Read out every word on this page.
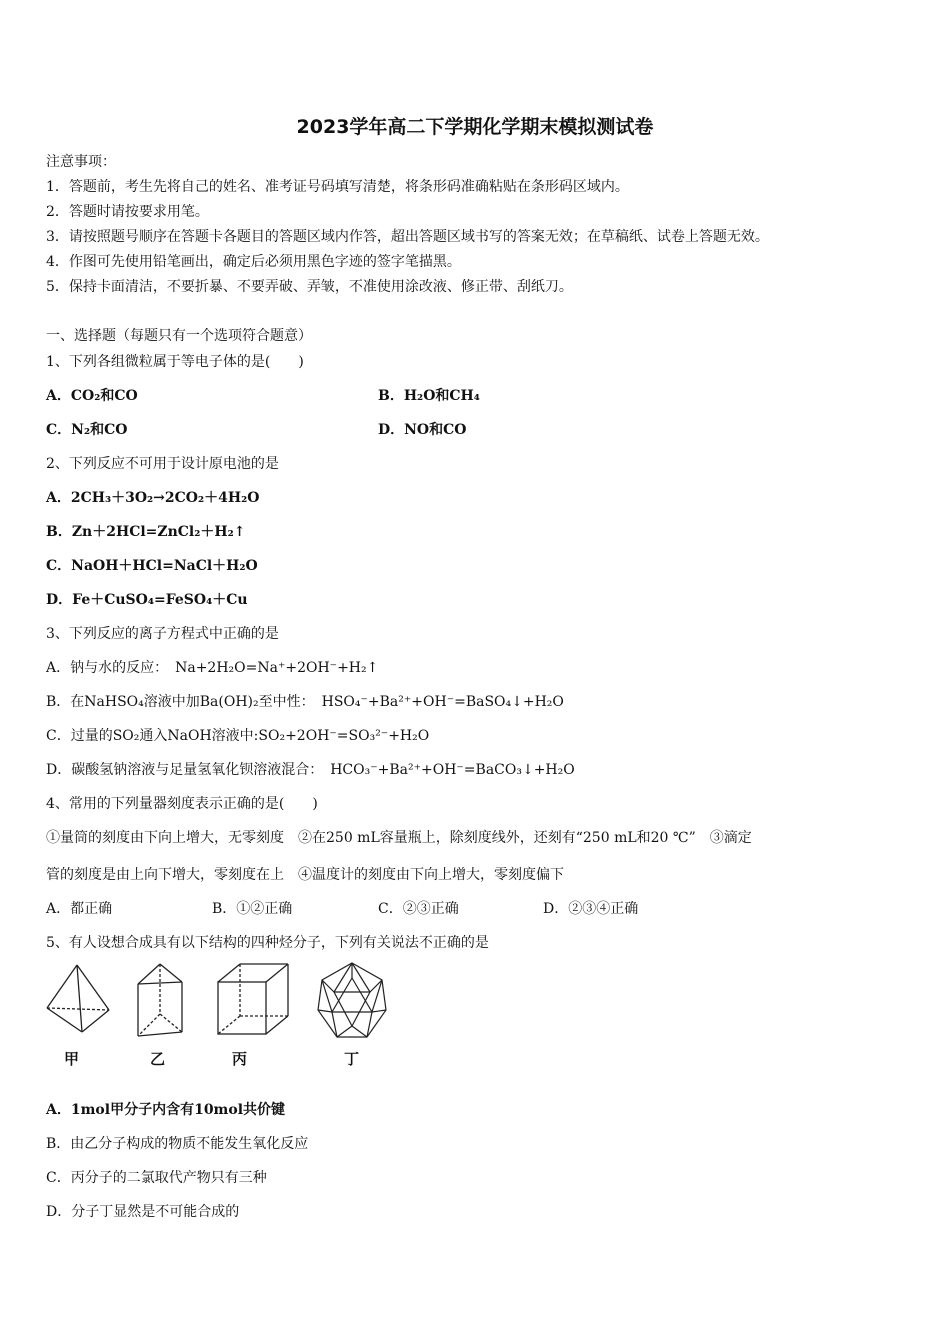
2023学年高二下学期化学期末模拟测试卷
注意事项：
1．答题前，考生先将自己的姓名、准考证号码填写清楚，将条形码准确粘贴在条形码区域内。
2．答题时请按要求用笔。
3．请按照题号顺序在答题卡各题目的答题区域内作答，超出答题区域书写的答案无效；在草稿纸、试卷上答题无效。
4．作图可先使用铅笔画出，确定后必须用黑色字迹的签字笔描黑。
5．保持卡面清洁，不要折暴、不要弄破、弄皱，不准使用涂改液、修正带、刮纸刀。
一、选择题（每题只有一个选项符合题意）
1、下列各组微粒属于等电子体的是(　　)
A．CO₂和CO	B．H₂O和CH₄
C．N₂和CO	D．NO和CO
2、下列反应不可用于设计原电池的是
A．2CH₃＋3O₂→2CO₂＋4H₂O
B．Zn＋2HCl=ZnCl₂＋H₂↑
C．NaOH＋HCl=NaCl＋H₂O
D．Fe＋CuSO₄=FeSO₄＋Cu
3、下列反应的离子方程式中正确的是
A．钠与水的反应：　Na+2H₂O=Na⁺+2OH⁻+H₂↑
B．在NaHSO₄溶液中加Ba(OH)₂至中性：　HSO₄⁻+Ba²⁺+OH⁻=BaSO₄↓+H₂O
C．过量的SO₂通入NaOH溶液中:SO₂+2OH⁻=SO₃²⁻+H₂O
D．碳酸氢钠溶液与足量氢氧化钡溶液混合：　HCO₃⁻+Ba²⁺+OH⁻=BaCO₃↓+H₂O
4、常用的下列量器刻度表示正确的是(　　)
①量筒的刻度由下向上增大，无零刻度　②在250 mL容量瓶上，除刻度线外，还刻有“250 mL和20 ℃”　③滴定
管的刻度是由上向下增大，零刻度在上　④温度计的刻度由下向上增大，零刻度偏下
A．都正确	B．①②正确	C．②③正确	D．②③④正确
5、有人设想合成具有以下结构的四种烃分子，下列有关说法不正确的是
甲	乙	丙	丁
A．1mol甲分子内含有10mol共价键
B．由乙分子构成的物质不能发生氧化反应
C．丙分子的二氯取代产物只有三种
D．分子丁显然是不可能合成的
